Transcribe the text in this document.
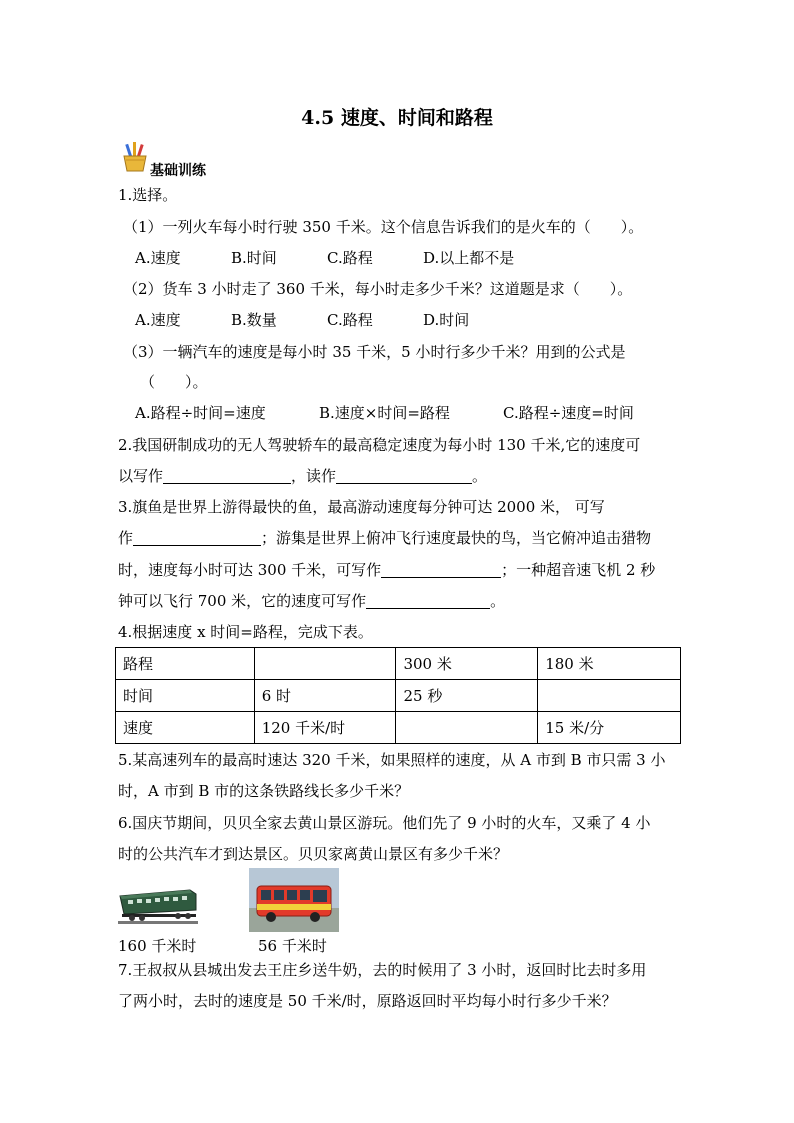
4.5 速度、时间和路程
基础训练
1.选择。
（1）一列火车每小时行驶 350 千米。这个信息告诉我们的是火车的（　　）。
A.速度	B.时间	C.路程	D.以上都不是
（2）货车 3 小时走了 360 千米，每小时走多少千米？这道题是求（　　）。
A.速度	B.数量	C.路程	D.时间
（3）一辆汽车的速度是每小时 35 千米，5 小时行多少千米？用到的公式是
（　　）。
A.路程÷时间=速度	B.速度×时间=路程	C.路程÷速度=时间
2.我国研制成功的无人驾驶轿车的最高稳定速度为每小时 130 千米,它的速度可
以写作	，读作	。
3.旗鱼是世界上游得最快的鱼，最高游动速度每分钟可达 2000 米， 可写
作	；游集是世界上俯冲飞行速度最快的鸟，当它俯冲追击猎物
时，速度每小时可达 300 千米，可写作	；一种超音速飞机 2 秒
钟可以飞行 700 米，它的速度可写作	。
4.根据速度 x 时间=路程，完成下表。
路程		300 米	180 米
时间	6 时	25 秒	
速度	120 千米/时		15 米/分
5.某高速列车的最高时速达 320 千米，如果照样的速度，从 A 市到 B 市只需 3 小
时，A 市到 B 市的这条铁路线长多少千米？
6.国庆节期间，贝贝全家去黄山景区游玩。他们先了 9 小时的火车，又乘了 4 小
时的公共汽车才到达景区。贝贝家离黄山景区有多少千米？
160 千米时	56 千米时
7.王叔叔从县城出发去王庄乡送牛奶，去的时候用了 3 小时，返回时比去时多用
了两小时，去时的速度是 50 千米/时，原路返回时平均每小时行多少千米？
